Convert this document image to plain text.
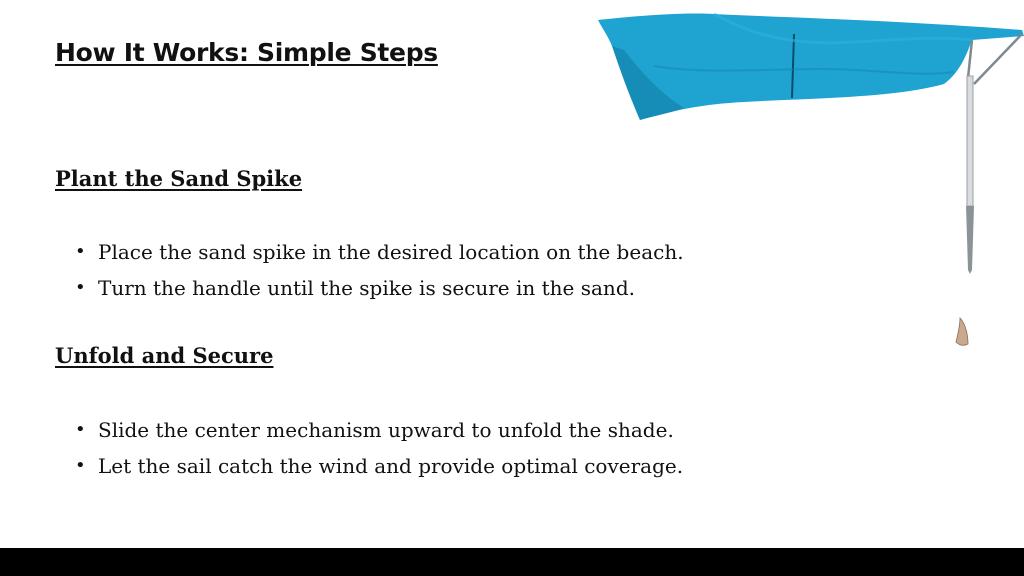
How It Works: Simple Steps
Plant the Sand Spike
• Place the sand spike in the desired location on the beach.
• Turn the handle until the spike is secure in the sand.
Unfold and Secure
• Slide the center mechanism upward to unfold the shade.
• Let the sail catch the wind and provide optimal coverage.
